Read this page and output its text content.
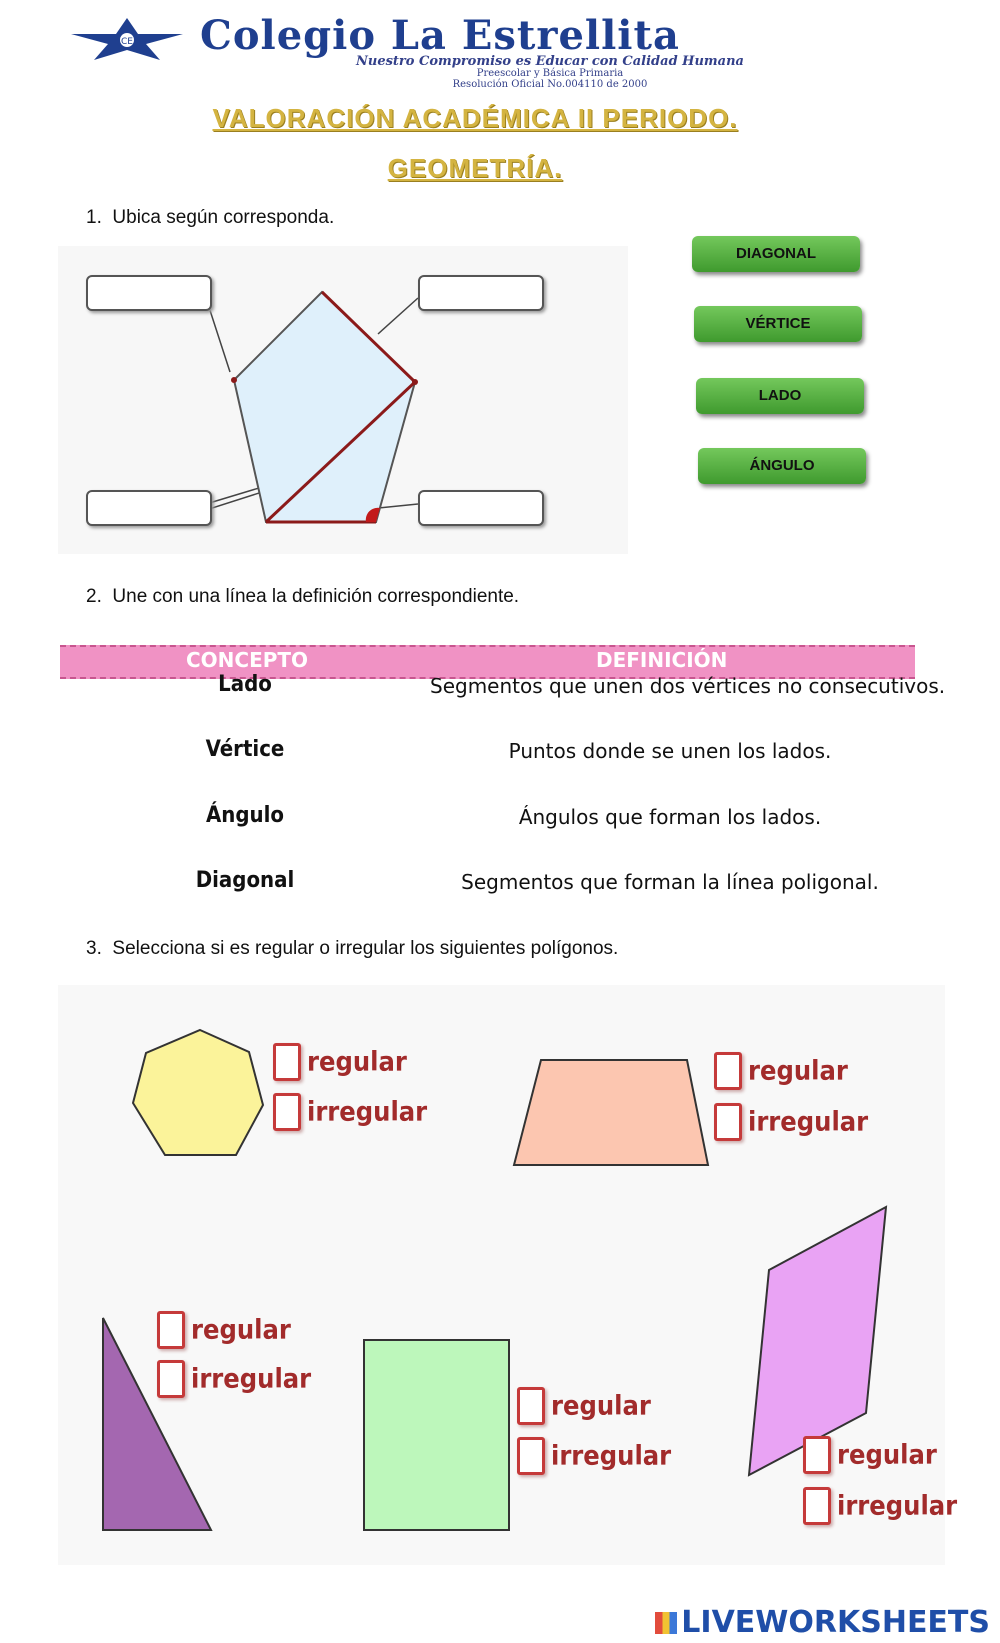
CE Colegio La Estrellita
Nuestro Compromiso es Educar con Calidad Humana
Preescolar y Básica Primaria
Resolución Oficial No.004110 de 2000
VALORACIÓN ACADÉMICA II PERIODO.
GEOMETRÍA.
1. Ubica según corresponda.
DIAGONAL
VÉRTICE
LADO
ÁNGULO
2. Une con una línea la definición correspondiente.
CONCEPTO	DEFINICIÓN
Lado
Vértice
Ángulo
Diagonal
Segmentos que unen dos vértices no consecutivos.
Puntos donde se unen los lados.
Ángulos que forman los lados.
Segmentos que forman la línea poligonal.
3. Selecciona si es regular o irregular los siguientes polígonos.
regular
irregular
regular
irregular
regular
irregular
regular
irregular	regular
irregular
LIVEWORKSHEETS
